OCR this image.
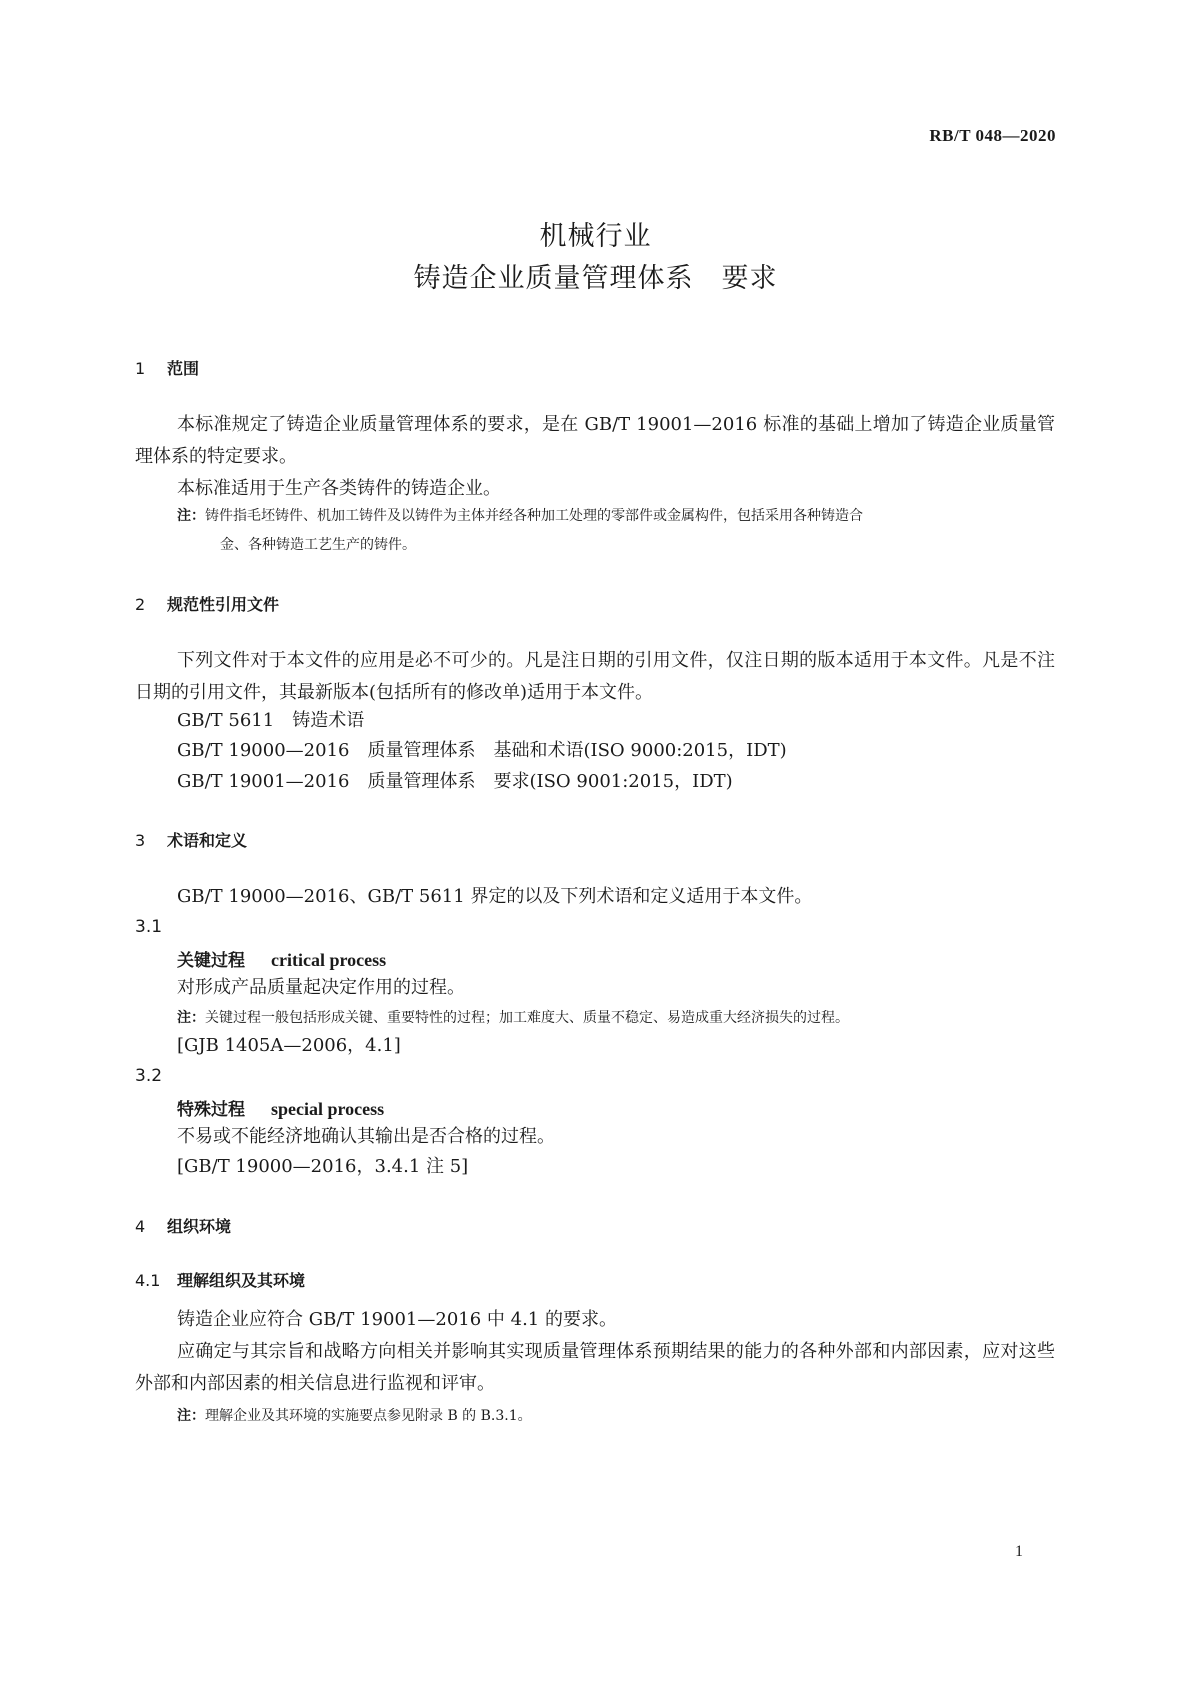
RB/T 048—2020
机械行业
铸造企业质量管理体系　要求
1 范围
本标准规定了铸造企业质量管理体系的要求，是在 GB/T 19001—2016 标准的基础上增加了铸造企业质量管理体系的特定要求。
本标准适用于生产各类铸件的铸造企业。
注：铸件指毛坯铸件、机加工铸件及以铸件为主体并经各种加工处理的零部件或金属构件，包括采用各种铸造合
金、各种铸造工艺生产的铸件。
2 规范性引用文件
下列文件对于本文件的应用是必不可少的。凡是注日期的引用文件，仅注日期的版本适用于本文件。凡是不注日期的引用文件，其最新版本(包括所有的修改单)适用于本文件。
GB/T 5611　铸造术语
GB/T 19000—2016　质量管理体系　基础和术语(ISO 9000:2015，IDT)
GB/T 19001—2016　质量管理体系　要求(ISO 9001:2015，IDT)
3 术语和定义
GB/T 19000—2016、GB/T 5611 界定的以及下列术语和定义适用于本文件。
3.1
关键过程 critical process
对形成产品质量起决定作用的过程。
注：关键过程一般包括形成关键、重要特性的过程；加工难度大、质量不稳定、易造成重大经济损失的过程。
[GJB 1405A—2006，4.1]
3.2
特殊过程 special process
不易或不能经济地确认其输出是否合格的过程。
[GB/T 19000—2016，3.4.1 注 5]
4 组织环境
4.1 理解组织及其环境
铸造企业应符合 GB/T 19001—2016 中 4.1 的要求。
应确定与其宗旨和战略方向相关并影响其实现质量管理体系预期结果的能力的各种外部和内部因素，应对这些外部和内部因素的相关信息进行监视和评审。
注：理解企业及其环境的实施要点参见附录 B 的 B.3.1。
1
